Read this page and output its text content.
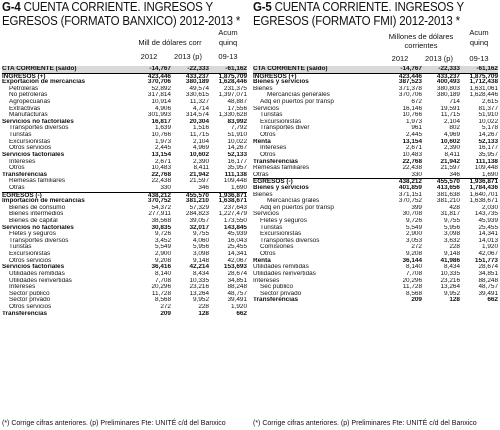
G-4 CUENTA CORRIENTE. INGRESOS Y
EGRESOS (FORMATO BANXICO) 2012-2013 *
Mill de dólares corr
2012	2013 (p)
Acum
quinq
09-13
CTA CORRIENTE (saldo)	-14,767	-22,333	-61,162
INGRESOS (+)	423,446	433,237	1,875,709
Exportación de mercancías	370,706	380,189	1,628,446
Petroleras	52,892	49,574	231,375
No petroleras	317,814	330,615	1,397,071
Agropecuarias	10,914	11,327	48,887
Extractivas	4,906	4,714	17,556
Manufacturas	301,993	314,574	1,330,628
Servicios no factoriales	16,817	20,304	83,992
Transportes diversos	1,639	1,516	7,792
Turistas	10,766	11,715	51,910
Excursionistas	1,973	2,104	10,022
Otros servicios	2,445	4,969	14,267
Servicios factoriales	13,154	10,602	52,133
Intereses	2,671	2,390	16,177
Otros	10,483	8,411	35,957
Transferencias	22,768	21,942	111,138
Remesas familiares	22,438	21,597	109,448
Otras	330	346	1,690
EGRESOS (-)	438,212	455,570	1,936,871
Importación de mercancías	370,752	381,210	1,638,671
Bienes de consumo	54,372	57,329	237,643
Bienes intermedios	277,911	284,823	1,227,479
Bienes de capital	38,568	39,057	173,550
Servicios no factoriales	30,835	32,017	143,845
Fletes y seguros	9,726	9,755	45,939
Transportes diversos	3,452	4,060	16,043
Turistas	5,549	5,956	25,455
Excursionistas	2,900	3,098	14,341
Otros servicios	9,208	9,148	42,067
Servicios factoriales	36,416	42,214	153,693
Utilidades remitidas	8,140	8,434	28,674
Utilidades reinvertidas	7,708	10,335	34,851
Intereses	20,296	23,216	88,248
Sector público	11,728	13,264	48,757
Sector privado	8,568	9,952	39,491
Otros servicios	272	228	1,920
Transferencias	209	128	662
G-5 CUENTA CORRIENTE. INGRESOS Y
EGRESOS (FORMATO FMI) 2012-2013 *
Millones de dólares
corrientes
2012	2013 (p)
Acum
quinq
09-13
CTA CORRIENTE (saldo)	-14,767	-22,333	-61,162
INGRESOS (+)	423,446	433,237	1,875,709
Bienes y servicios	387,523	400,493	1,712,438
Bienes	371,378	380,803	1,631,061
Mercancías generales	370,706	380,189	1,628,446
Adq en puertos por transp	672	714	2,615
Servicios	16,146	19,591	81,377
Turistas	10,766	11,715	51,910
Excursionistas	1,973	2,104	10,022
Transportes diver	961	802	5,178
Otros	2,445	4,969	14,267
Renta	13,154	10,602	52,133
Intereses	2,671	2,390	16,177
Otros	10,483	8,411	35,957
Transferencias	22,768	21,942	111,138
Remesas familiares	22,438	21,597	109,448
Otras	330	346	1,690
EGRESOS (-)	438,212	455,570	1,936,871
Bienes y servicios	401,859	413,656	1,784,436
Bienes	371,151	381,638	1,640,701
Mercancías grales	370,752	381,210	1,638,671
Adq en puertos por transp	399	428	2,030
Servicios	30,708	31,817	143,735
Fletes y seguros	9,726	9,755	45,939
Turistas	5,549	5,956	25,455
Excursionistas	2,900	3,098	14,341
Transportes diversos	3,053	3,632	14,013
Comisiones	272	228	1,920
Otros	9,208	9,148	42,067
Renta	36,144	41,986	151,773
Utilidades remitidas	8,140	8,434	28,674
Utilidades reinvertidas	7,708	10,335	34,851
Intereses	20,296	23,216	88,248
Sec público	11,728	13,264	48,757
Sector privado	8,568	9,952	39,491
Transferencias	209	128	662
(*) Corrige cifras anteriores. (p) Preliminares Fte: UNITÉ c/d del Banxico	(*) Corrige cifras anteriores. (p) Preliminares Fte: UNITÉ c/d del Banxico
